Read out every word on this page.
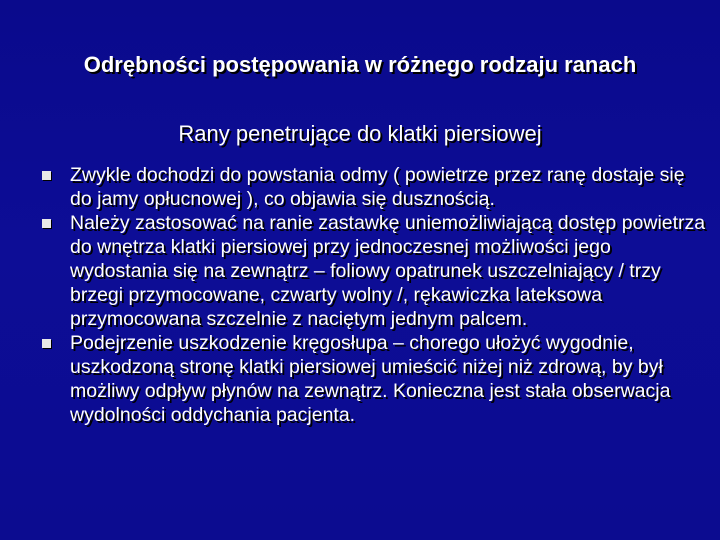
Odrębności postępowania w różnego rodzaju ranach
Rany penetrujące do klatki piersiowej
Zwykle dochodzi do powstania odmy ( powietrze przez ranę dostaje się do jamy opłucnowej ), co objawia się dusznością.
Należy zastosować na ranie zastawkę uniemożliwiającą dostęp powietrza do wnętrza klatki piersiowej przy jednoczesnej możliwości jego wydostania się na zewnątrz – foliowy opatrunek uszczelniający / trzy brzegi przymocowane, czwarty wolny /, rękawiczka lateksowa przymocowana szczelnie z naciętym jednym palcem.
Podejrzenie uszkodzenie kręgosłupa – chorego ułożyć wygodnie, uszkodzoną stronę klatki piersiowej umieścić niżej niż zdrową, by był możliwy odpływ płynów na zewnątrz. Konieczna jest stała obserwacja wydolności oddychania pacjenta.
